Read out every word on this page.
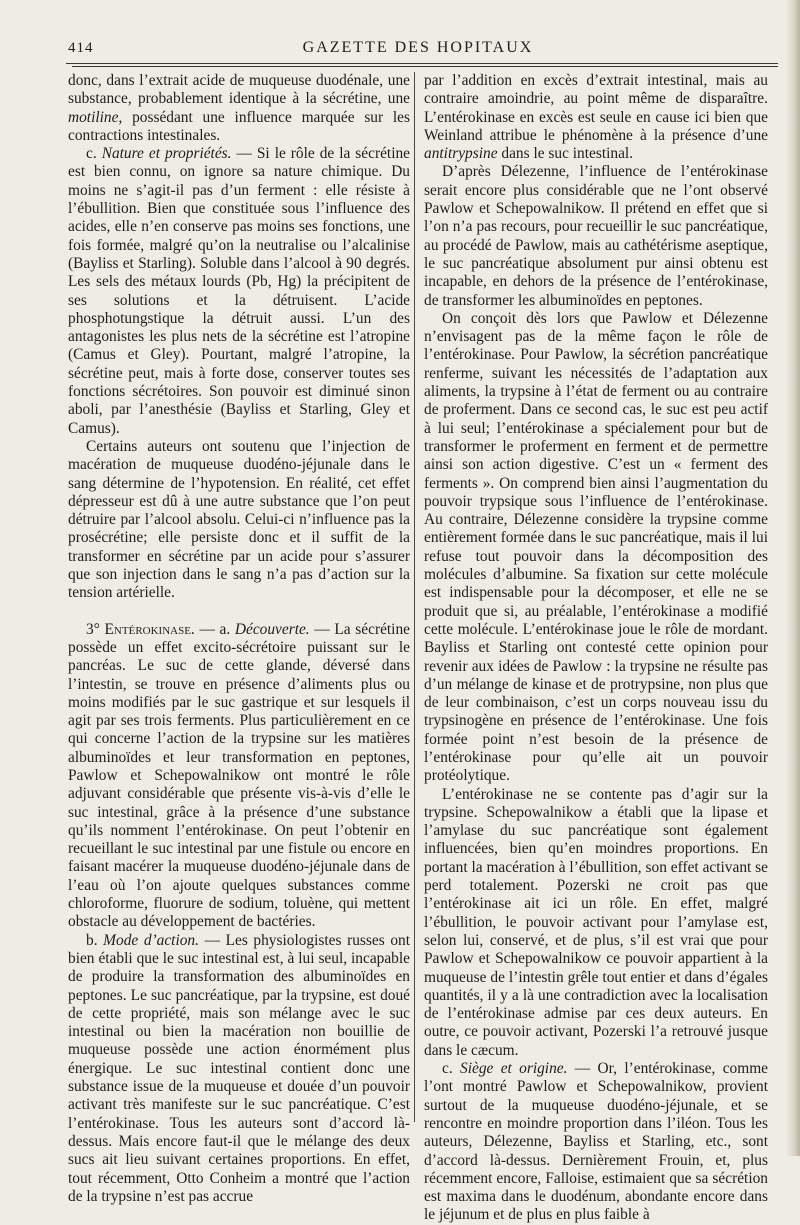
414	GAZETTE DES HOPITAUX

donc, dans l’extrait acide de muqueuse duodénale, une substance, probablement identique à la sécrétine, une motiline, possédant une influence marquée sur les contractions intestinales.

c. Nature et propriétés. — Si le rôle de la sécrétine est bien connu, on ignore sa nature chimique. Du moins ne s’agit-il pas d’un ferment : elle résiste à l’ébullition. Bien que constituée sous l’influence des acides, elle n’en conserve pas moins ses fonctions, une fois formée, malgré qu’on la neutralise ou l’alcalinise (Bayliss et Starling). Soluble dans l’alcool à 90 degrés. Les sels des métaux lourds (Pb, Hg) la précipitent de ses solutions et la détruisent. L’acide phosphotungstique la détruit aussi. L’un des antagonistes les plus nets de la sécrétine est l’atropine (Camus et Gley). Pourtant, malgré l’atropine, la sécrétine peut, mais à forte dose, conserver toutes ses fonctions sécrétoires. Son pouvoir est diminué sinon aboli, par l’anesthésie (Bayliss et Starling, Gley et Camus).

Certains auteurs ont soutenu que l’injection de macération de muqueuse duodéno-jéjunale dans le sang détermine de l’hypotension. En réalité, cet effet dépresseur est dû à une autre substance que l’on peut détruire par l’alcool absolu. Celui-ci n’influence pas la prosécrétine; elle persiste donc et il suffit de la transformer en sécrétine par un acide pour s’assurer que son injection dans le sang n’a pas d’action sur la tension artérielle.

3° Entérokinase. — a. Découverte. — La sécrétine possède un effet excito-sécrétoire puissant sur le pancréas. Le suc de cette glande, déversé dans l’intestin, se trouve en présence d’aliments plus ou moins modifiés par le suc gastrique et sur lesquels il agit par ses trois ferments. Plus particulièrement en ce qui concerne l’action de la trypsine sur les matières albuminoïdes et leur transformation en peptones, Pawlow et Schepowalnikow ont montré le rôle adjuvant considérable que présente vis-à-vis d’elle le suc intestinal, grâce à la présence d’une substance qu’ils nomment l’entérokinase. On peut l’obtenir en recueillant le suc intestinal par une fistule ou encore en faisant macérer la muqueuse duodéno-jéjunale dans de l’eau où l’on ajoute quelques substances comme chloroforme, fluorure de sodium, toluène, qui mettent obstacle au développement de bactéries.

b. Mode d’action. — Les physiologistes russes ont bien établi que le suc intestinal est, à lui seul, incapable de produire la transformation des albuminoïdes en peptones. Le suc pancréatique, par la trypsine, est doué de cette propriété, mais son mélange avec le suc intestinal ou bien la macération non bouillie de muqueuse possède une action énormément plus énergique. Le suc intestinal contient donc une substance issue de la muqueuse et douée d’un pouvoir activant très manifeste sur le suc pancréatique. C’est l’entérokinase. Tous les auteurs sont d’accord là-dessus. Mais encore faut-il que le mélange des deux sucs ait lieu suivant certaines proportions. En effet, tout récemment, Otto Conheim a montré que l’action de la trypsine n’est pas accrue

par l’addition en excès d’extrait intestinal, mais au contraire amoindrie, au point même de disparaître. L’entérokinase en excès est seule en cause ici bien que Weinland attribue le phénomène à la présence d’une antitrypsine dans le suc intestinal.

D’après Délezenne, l’influence de l’entérokinase serait encore plus considérable que ne l’ont observé Pawlow et Schepowalnikow. Il prétend en effet que si l’on n’a pas recours, pour recueillir le suc pancréatique, au procédé de Pawlow, mais au cathétérisme aseptique, le suc pancréatique absolument pur ainsi obtenu est incapable, en dehors de la présence de l’entérokinase, de transformer les albuminoïdes en peptones.

On conçoit dès lors que Pawlow et Délezenne n’envisagent pas de la même façon le rôle de l’entérokinase. Pour Pawlow, la sécrétion pancréatique renferme, suivant les nécessités de l’adaptation aux aliments, la trypsine à l’état de ferment ou au contraire de proferment. Dans ce second cas, le suc est peu actif à lui seul; l’entérokinase a spécialement pour but de transformer le proferment en ferment et de permettre ainsi son action digestive. C’est un « ferment des ferments ». On comprend bien ainsi l’augmentation du pouvoir trypsique sous l’influence de l’entérokinase. Au contraire, Délezenne considère la trypsine comme entièrement formée dans le suc pancréatique, mais il lui refuse tout pouvoir dans la décomposition des molécules d’albumine. Sa fixation sur cette molécule est indispensable pour la décomposer, et elle ne se produit que si, au préalable, l’entérokinase a modifié cette molécule. L’entérokinase joue le rôle de mordant. Bayliss et Starling ont contesté cette opinion pour revenir aux idées de Pawlow : la trypsine ne résulte pas d’un mélange de kinase et de protrypsine, non plus que de leur combinaison, c’est un corps nouveau issu du trypsinogène en présence de l’entérokinase. Une fois formée point n’est besoin de la présence de l’entérokinase pour qu’elle ait un pouvoir protéolytique.

L’entérokinase ne se contente pas d’agir sur la trypsine. Schepowalnikow a établi que la lipase et l’amylase du suc pancréatique sont également influencées, bien qu’en moindres proportions. En portant la macération à l’ébullition, son effet activant se perd totalement. Pozerski ne croit pas que l’entérokinase ait ici un rôle. En effet, malgré l’ébullition, le pouvoir activant pour l’amylase est, selon lui, conservé, et de plus, s’il est vrai que pour Pawlow et Schepowalnikow ce pouvoir appartient à la muqueuse de l’intestin grêle tout entier et dans d’égales quantités, il y a là une contradiction avec la localisation de l’entérokinase admise par ces deux auteurs. En outre, ce pouvoir activant, Pozerski l’a retrouvé jusque dans le cæcum.

c. Siège et origine. — Or, l’entérokinase, comme l’ont montré Pawlow et Schepowalnikow, provient surtout de la muqueuse duodéno-jéjunale, et se rencontre en moindre proportion dans l’iléon. Tous les auteurs, Délezenne, Bayliss et Starling, etc., sont d’accord là-dessus. Dernièrement Frouin, et, plus récemment encore, Falloise, estimaient que sa sécrétion est maxima dans le duodénum, abondante encore dans le jéjunum et de plus en plus faible à
